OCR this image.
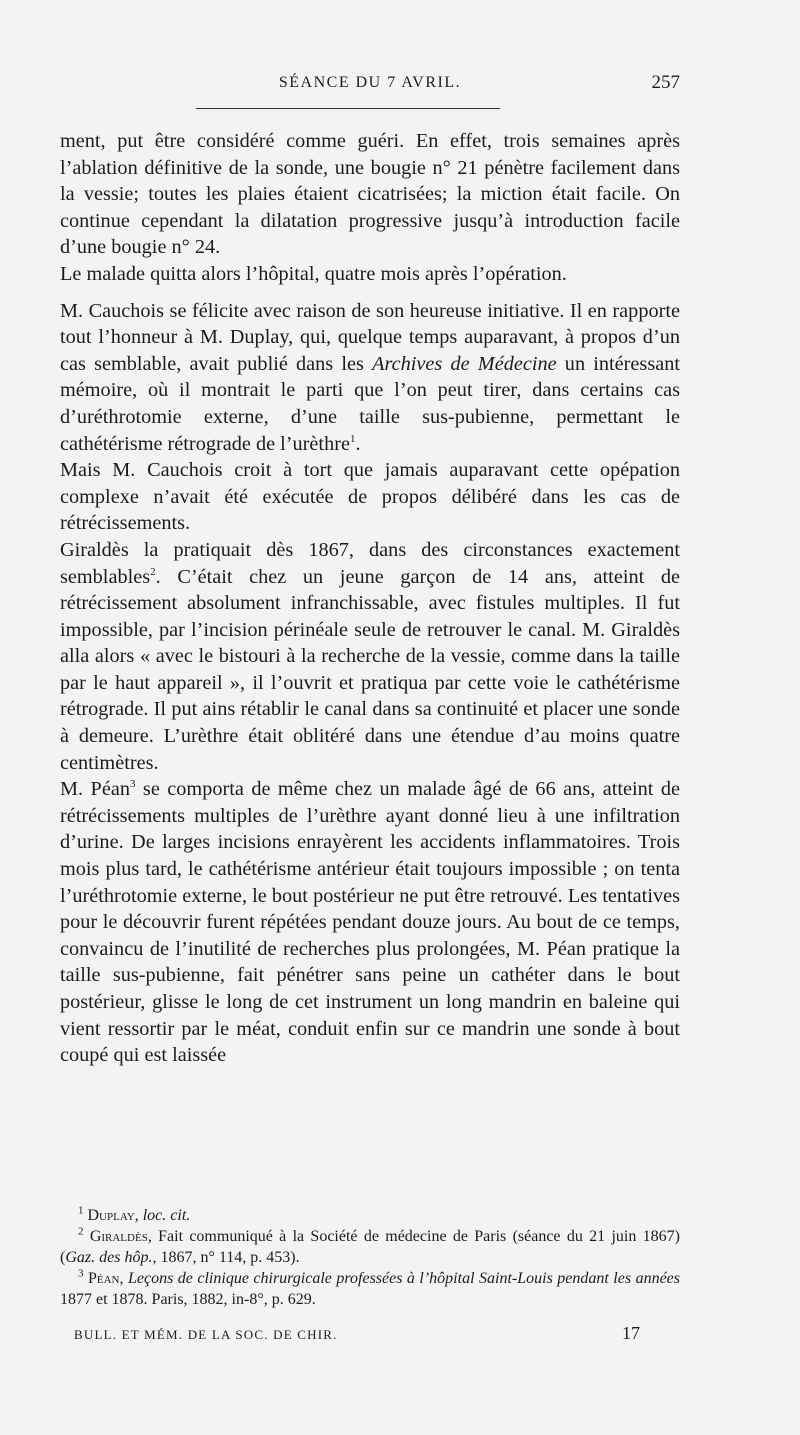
SÉANCE DU 7 AVRIL.	257

ment, put être considéré comme guéri. En effet, trois semaines après l’ablation définitive de la sonde, une bougie n° 21 pénètre facilement dans la vessie; toutes les plaies étaient cicatrisées; la miction était facile. On continue cependant la dilatation progressive jusqu’à introduction facile d’une bougie n° 24.

Le malade quitta alors l’hôpital, quatre mois après l’opération.

M. Cauchois se félicite avec raison de son heureuse initiative. Il en rapporte tout l’honneur à M. Duplay, qui, quelque temps auparavant, à propos d’un cas semblable, avait publié dans les Archives de Médecine un intéressant mémoire, où il montrait le parti que l’on peut tirer, dans certains cas d’uréthrotomie externe, d’une taille sus-pubienne, permettant le cathétérisme rétrograde de l’urèthre$^1$.

Mais M. Cauchois croit à tort que jamais auparavant cette opépation complexe n’avait été exécutée de propos délibéré dans les cas de rétrécissements.

Giraldès la pratiquait dès 1867, dans des circonstances exactement semblables$^2$. C’était chez un jeune garçon de 14 ans, atteint de rétrécissement absolument infranchissable, avec fistules multiples. Il fut impossible, par l’incision périnéale seule de retrouver le canal. M. Giraldès alla alors « avec le bistouri à la recherche de la vessie, comme dans la taille par le haut appareil », il l’ouvrit et pratiqua par cette voie le cathétérisme rétrograde. Il put ains rétablir le canal dans sa continuité et placer une sonde à demeure. L’urèthre était oblitéré dans une étendue d’au moins quatre centimètres.

M. Péan$^3$ se comporta de même chez un malade âgé de 66 ans, atteint de rétrécissements multiples de l’urèthre ayant donné lieu à une infiltration d’urine. De larges incisions enrayèrent les accidents inflammatoires. Trois mois plus tard, le cathétérisme antérieur était toujours impossible ; on tenta l’uréthrotomie externe, le bout postérieur ne put être retrouvé. Les tentatives pour le découvrir furent répétées pendant douze jours. Au bout de ce temps, convaincu de l’inutilité de recherches plus prolongées, M. Péan pratique la taille sus-pubienne, fait pénétrer sans peine un cathéter dans le bout postérieur, glisse le long de cet instrument un long mandrin en baleine qui vient ressortir par le méat, conduit enfin sur ce mandrin une sonde à bout coupé qui est laissée

$^1$ Duplay, loc. cit.

$^2$ Giraldès, Fait communiqué à la Société de médecine de Paris (séance du 21 juin 1867) (Gaz. des hôp., 1867, n° 114, p. 453).

$^3$ Péan, Leçons de clinique chirurgicale professées à l’hôpital Saint-Louis pendant les années 1877 et 1878. Paris, 1882, in-8°, p. 629.

BULL. ET MÉM. DE LA SOC. DE CHIR.	17
